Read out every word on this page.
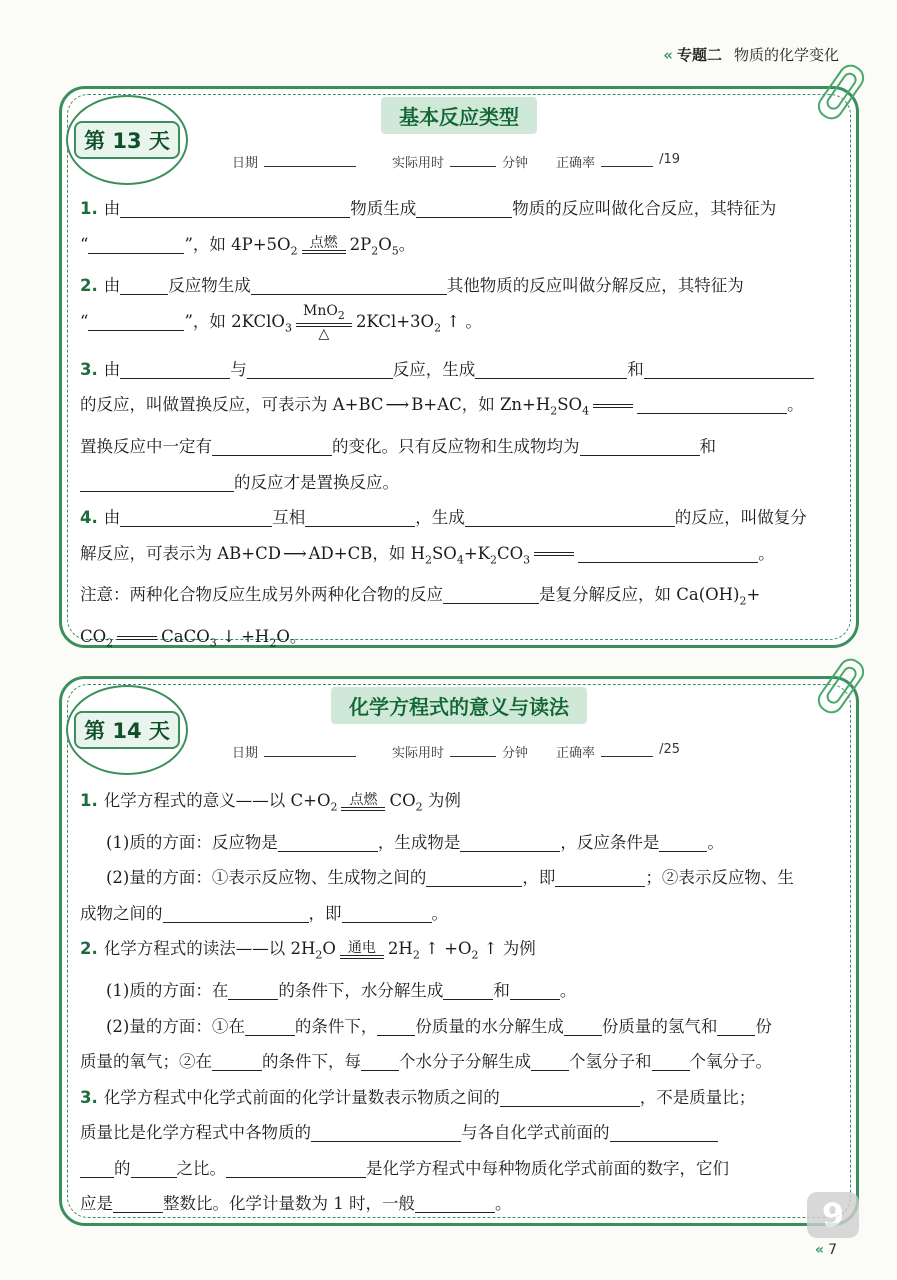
« 专题二 物质的化学变化
第 13 天
基本反应类型
日期	实际用时	分钟 正确率	/19
1. 由	物质生成	物质的反应叫做化合反应，其特征为
“	”，如 $4P+5O_2$ 点燃 $2P_2O_5$。
2. 由	反应物生成	其他物质的反应叫做分解反应，其特征为
“	”，如 2KClO$_3$
MnO$_2$
△
$2KCl+3O_2$ ↑ 。
3. 由	与	反应，生成	和
的反应，叫做置换反应，可表示为 A+BC ⟶ B+AC，如 $Zn+H_2SO_4$	。
置换反应中一定有	的变化。只有反应物和生成物均为	和
的反应才是置换反应。
4. 由	互相	，生成	的反应，叫做复分
解反应，可表示为 AB+CD ⟶ AD+CB，如 $H_2SO_4+K_2CO_3$	。
注意：两种化合物反应生成另外两种化合物的反应	是复分解反应，如 $Ca(OH)_2+$
$CO_2$	CaCO$_3$ ↓ $+H_2O$。
第 14 天
化学方程式的意义与读法
日期	实际用时	分钟 正确率	/25
1. 化学方程式的意义——以 $C+O_2$ 点燃 $CO_2$ 为例
(1)质的方面：反应物是	，生成物是	，反应条件是	。
(2)量的方面：①表示反应物、生成物之间的	，即	；②表示反应物、生
成物之间的	，即	。
2. 化学方程式的读法——以 $2H_2O$ 通电 $2H_2$ ↑ $+O_2$ ↑ 为例
(1)质的方面：在	的条件下，水分解生成	和	。
(2)量的方面：①在	的条件下， 份质量的水分解生成 份质量的氢气和 份
质量的氧气；②在	的条件下，每 个水分子分解生成 个氢分子和 个氧分子。
3. 化学方程式中化学式前面的化学计量数表示物质之间的	，不是质量比；
质量比是化学方程式中各物质的	与各自化学式前面的
的	之比。	是化学方程式中每种物质化学式前面的数字，它们
应是	整数比。化学计量数为 1 时，一般	。	9
« 7
